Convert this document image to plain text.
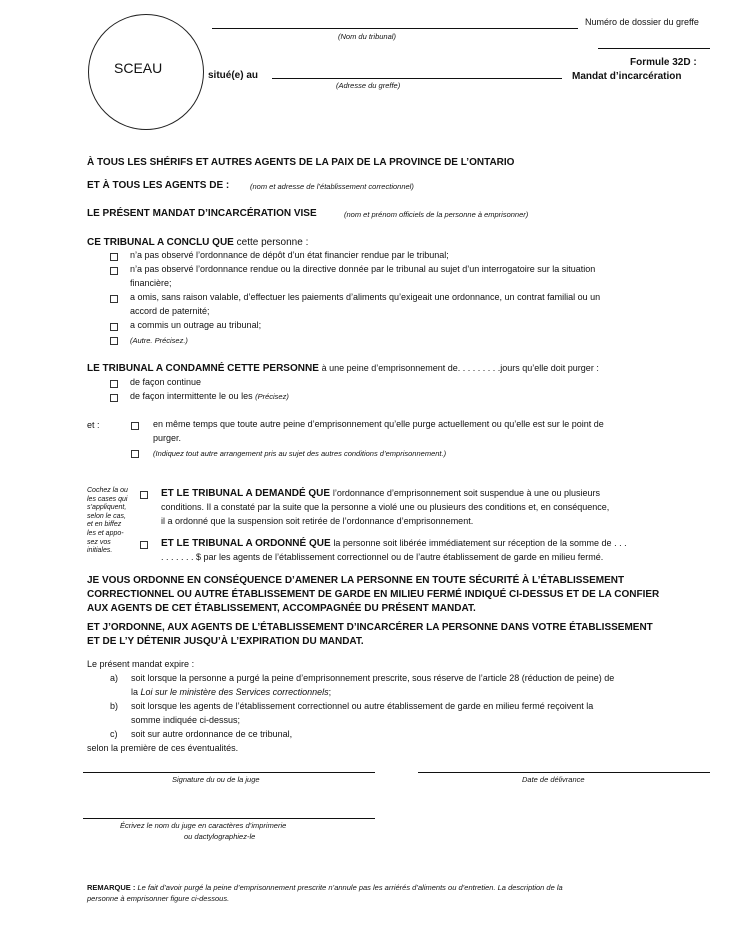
SCEAU
(Nom du tribunal)
Numéro de dossier du greffe
situé(e) au
(Adresse du greffe)
Formule 32D :
Mandat d’incarcération
À TOUS LES SHÉRIFS ET AUTRES AGENTS DE LA PAIX DE LA PROVINCE DE L’ONTARIO
ET À TOUS LES AGENTS DE :	(nom et adresse de l’établissement correctionnel)
LE PRÉSENT MANDAT D’INCARCÉRATION VISE	(nom et prénom officiels de la personne à emprisonner)
CE TRIBUNAL A CONCLU QUE cette personne :
n’a pas observé l’ordonnance de dépôt d’un état financier rendue par le tribunal;
n’a pas observé l’ordonnance rendue ou la directive donnée par le tribunal au sujet d’un interrogatoire sur la situation
financière;
a omis, sans raison valable, d’effectuer les paiements d’aliments qu’exigeait une ordonnance, un contrat familial ou un
accord de paternité;
a commis un outrage au tribunal;
(Autre. Précisez.)
LE TRIBUNAL A CONDAMNÉ CETTE PERSONNE à une peine d’emprisonnement de. . . . . . . . .jours qu’elle doit purger :
de façon continue
de façon intermittente le ou les (Précisez)
et :	en même temps que toute autre peine d’emprisonnement qu’elle purge actuellement ou qu’elle est sur le point de
purger.
(Indiquez tout autre arrangement pris au sujet des autres conditions d’emprisonnement.)
Cochez la ou
les cases qui
s’appliquent,
selon le cas,
et en biffez
les et appo-
sez vos
initiales.
ET LE TRIBUNAL A DEMANDÉ QUE l’ordonnance d’emprisonnement soit suspendue à une ou plusieurs
conditions. Il a constaté par la suite que la personne a violé une ou plusieurs des conditions et, en conséquence,
il a ordonné que la suspension soit retirée de l’ordonnance d’emprisonnement.
ET LE TRIBUNAL A ORDONNÉ QUE la personne soit libérée immédiatement sur réception de la somme de . . .
. . . . . . . $ par les agents de l’établissement correctionnel ou de l’autre établissement de garde en milieu fermé.
JE VOUS ORDONNE EN CONSÉQUENCE D’AMENER LA PERSONNE EN TOUTE SÉCURITÉ À L’ÉTABLISSEMENT
CORRECTIONNEL OU AUTRE ÉTABLISSEMENT DE GARDE EN MILIEU FERMÉ INDIQUÉ CI-DESSUS ET DE LA CONFIER
AUX AGENTS DE CET ÉTABLISSEMENT, ACCOMPAGNÉE DU PRÉSENT MANDAT.
ET J’ORDONNE, AUX AGENTS DE L’ÉTABLISSEMENT D’INCARCÉRER LA PERSONNE DANS VOTRE ÉTABLISSEMENT
ET DE L’Y DÉTENIR JUSQU’À L’EXPIRATION DU MANDAT.
Le présent mandat expire :
a) soit lorsque la personne a purgé la peine d’emprisonnement prescrite, sous réserve de l’article 28 (réduction de peine) de
la Loi sur le ministère des Services correctionnels;
b) soit lorsque les agents de l’établissement correctionnel ou autre établissement de garde en milieu fermé reçoivent la
somme indiquée ci-dessus;
c) soit sur autre ordonnance de ce tribunal,
selon la première de ces éventualités.
Signature du ou de la juge	Date de délivrance
Écrivez le nom du juge en caractères d’imprimerie
ou dactylographiez-le
REMARQUE : Le fait d’avoir purgé la peine d’emprisonnement prescrite n’annule pas les arriérés d’aliments ou d’entretien. La description de la
personne à emprisonner figure ci-dessous.
